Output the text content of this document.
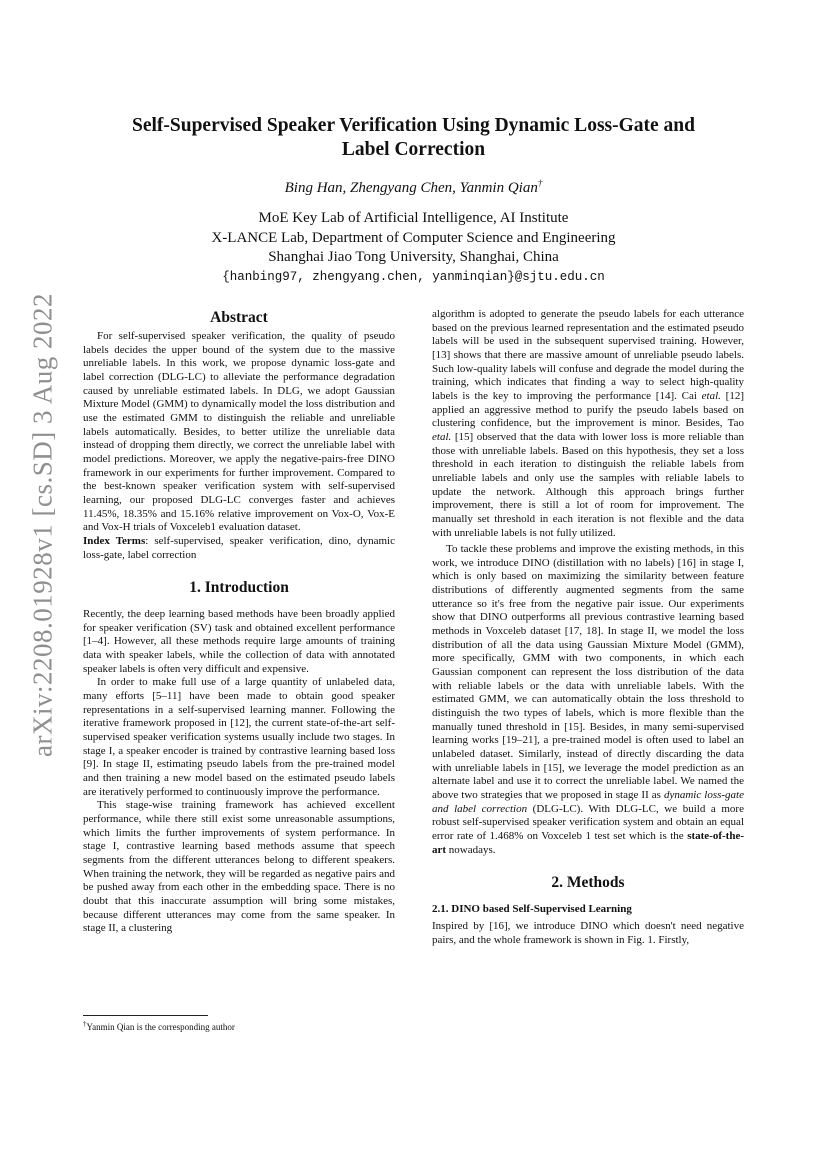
arXiv:2208.01928v1 [cs.SD] 3 Aug 2022
Self-Supervised Speaker Verification Using Dynamic Loss-Gate and
Label Correction
Bing Han, Zhengyang Chen, Yanmin Qian†
MoE Key Lab of Artificial Intelligence, AI Institute
X-LANCE Lab, Department of Computer Science and Engineering
Shanghai Jiao Tong University, Shanghai, China
{hanbing97, zhengyang.chen, yanminqian}@sjtu.edu.cn
Abstract

For self-supervised speaker verification, the quality of pseudo labels decides the upper bound of the system due to the massive unreliable labels. In this work, we propose dynamic loss-gate and label correction (DLG-LC) to alleviate the performance degradation caused by unreliable estimated labels. In DLG, we adopt Gaussian Mixture Model (GMM) to dynamically model the loss distribution and use the estimated GMM to distinguish the reliable and unreliable labels automatically. Besides, to better utilize the unreliable data instead of dropping them directly, we correct the unreliable label with model predictions. Moreover, we apply the negative-pairs-free DINO framework in our experiments for further improvement. Compared to the best-known speaker verification system with self-supervised learning, our proposed DLG-LC converges faster and achieves 11.45%, 18.35% and 15.16% relative improvement on Vox-O, Vox-E and Vox-H trials of Voxceleb1 evaluation dataset.

Index Terms: self-supervised, speaker verification, dino, dynamic loss-gate, label correction

1. Introduction

Recently, the deep learning based methods have been broadly applied for speaker verification (SV) task and obtained excellent performance [1–4]. However, all these methods require large amounts of training data with speaker labels, while the collection of data with annotated speaker labels is often very difficult and expensive.

In order to make full use of a large quantity of unlabeled data, many efforts [5–11] have been made to obtain good speaker representations in a self-supervised learning manner. Following the iterative framework proposed in [12], the current state-of-the-art self-supervised speaker verification systems usually include two stages. In stage I, a speaker encoder is trained by contrastive learning based loss [9]. In stage II, estimating pseudo labels from the pre-trained model and then training a new model based on the estimated pseudo labels are iteratively performed to continuously improve the performance.

This stage-wise training framework has achieved excellent performance, while there still exist some unreasonable assumptions, which limits the further improvements of system performance. In stage I, contrastive learning based methods assume that speech segments from the different utterances belong to different speakers. When training the network, they will be regarded as negative pairs and be pushed away from each other in the embedding space. There is no doubt that this inaccurate assumption will bring some mistakes, because different utterances may come from the same speaker. In stage II, a clustering

algorithm is adopted to generate the pseudo labels for each utterance based on the previous learned representation and the estimated pseudo labels will be used in the subsequent supervised training. However, [13] shows that there are massive amount of unreliable pseudo labels. Such low-quality labels will confuse and degrade the model during the training, which indicates that finding a way to select high-quality labels is the key to improving the performance [14]. Cai etal. [12] applied an aggressive method to purify the pseudo labels based on clustering confidence, but the improvement is minor. Besides, Tao etal. [15] observed that the data with lower loss is more reliable than those with unreliable labels. Based on this hypothesis, they set a loss threshold in each iteration to distinguish the reliable labels from unreliable labels and only use the samples with reliable labels to update the network. Although this approach brings further improvement, there is still a lot of room for improvement. The manually set threshold in each iteration is not flexible and the data with unreliable labels is not fully utilized.

To tackle these problems and improve the existing methods, in this work, we introduce DINO (distillation with no labels) [16] in stage I, which is only based on maximizing the similarity between feature distributions of differently augmented segments from the same utterance so it's free from the negative pair issue. Our experiments show that DINO outperforms all previous contrastive learning based methods in Voxceleb dataset [17, 18]. In stage II, we model the loss distribution of all the data using Gaussian Mixture Model (GMM), more specifically, GMM with two components, in which each Gaussian component can represent the loss distribution of the data with reliable labels or the data with unreliable labels. With the estimated GMM, we can automatically obtain the loss threshold to distinguish the two types of labels, which is more flexible than the manually tuned threshold in [15]. Besides, in many semi-supervised learning works [19–21], a pre-trained model is often used to label an unlabeled dataset. Similarly, instead of directly discarding the data with unreliable labels in [15], we leverage the model prediction as an alternate label and use it to correct the unreliable label. We named the above two strategies that we proposed in stage II as dynamic loss-gate and label correction (DLG-LC). With DLG-LC, we build a more robust self-supervised speaker verification system and obtain an equal error rate of 1.468% on Voxceleb 1 test set which is the state-of-the-art nowadays.

2. Methods
2.1. DINO based Self-Supervised Learning

Inspired by [16], we introduce DINO which doesn't need negative pairs, and the whole framework is shown in Fig. 1. Firstly,

†Yanmin Qian is the corresponding author
